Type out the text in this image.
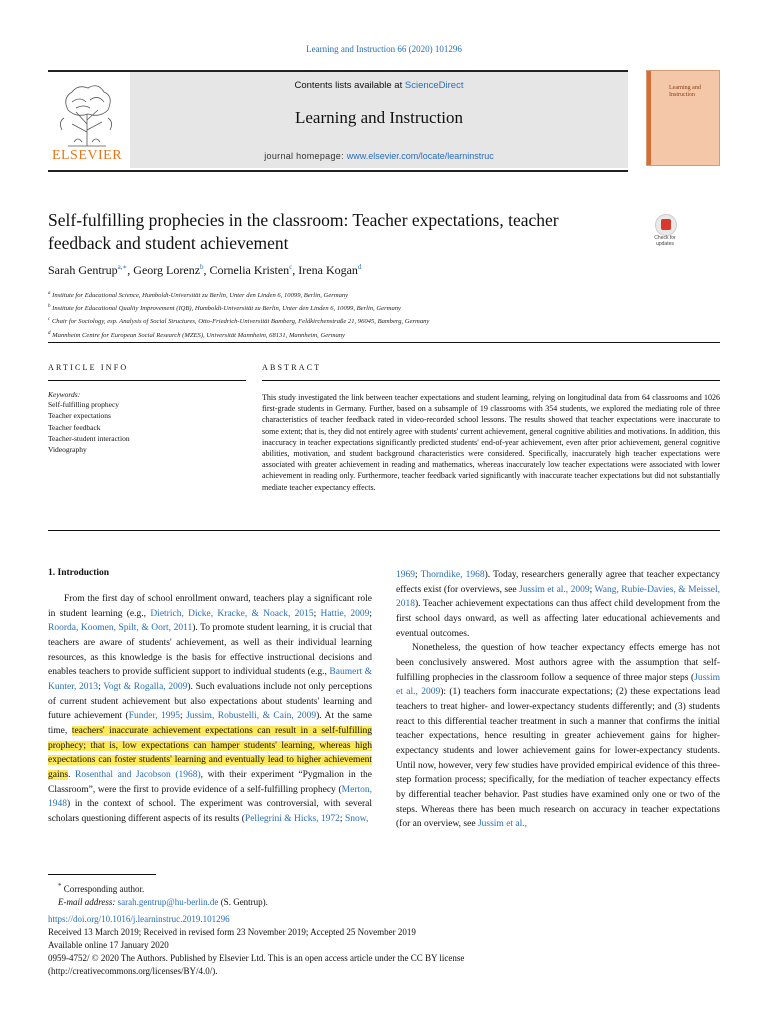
Learning and Instruction 66 (2020) 101296
ELSEVIER
Contents lists available at ScienceDirect
Learning and Instruction
journal homepage: www.elsevier.com/locate/learninstruc
Learning and
Instruction
Self-fulfilling prophecies in the classroom: Teacher expectations, teacher feedback and student achievement	Check for
updates
Sarah Gentrup$^{a,∗}$, Georg Lorenz$^b$, Cornelia Kristen$^c$, Irena Kogan$^d$
$^a$ Institute for Educational Science, Humboldt-Universität zu Berlin, Unter den Linden 6, 10099, Berlin, Germany
$^b$ Institute for Educational Quality Improvement (IQB), Humboldt-Universität zu Berlin, Unter den Linden 6, 10099, Berlin, Germany
$^c$ Chair for Sociology, esp. Analysis of Social Structures, Otto-Friedrich-Universität Bamberg, Feldkirchenstraße 21, 96045, Bamberg, Germany
$^d$ Mannheim Centre for European Social Research (MZES), Universität Mannheim, 68131, Mannheim, Germany
ARTICLE INFO	ABSTRACT
Keywords:
Self-fulfilling prophecy
Teacher expectations
Teacher feedback
Teacher-student interaction
Videography
This study investigated the link between teacher expectations and student learning, relying on longitudinal data from 64 classrooms and 1026 first-grade students in Germany. Further, based on a subsample of 19 classrooms with 354 students, we explored the mediating role of three characteristics of teacher feedback rated in video-recorded school lessons. The results showed that teacher expectations were inaccurate to some extent; that is, they did not entirely agree with students' current achievement, general cognitive abilities and motivations. In addition, this inaccuracy in teacher expectations significantly predicted students' end-of-year achievement, even after prior achievement, general cognitive abilities, motivation, and student background characteristics were considered. Specifically, inaccurately high teacher expectations were associated with greater achievement in reading and mathematics, whereas inaccurately low teacher expectations were associated with lower achievement in reading only. Furthermore, teacher feedback varied significantly with inaccurate teacher expectations but did not substantially mediate teacher expectancy effects.
1. Introduction
From the first day of school enrollment onward, teachers play a significant role in student learning (e.g., Dietrich, Dicke, Kracke, & Noack, 2015; Hattie, 2009; Roorda, Koomen, Spilt, & Oort, 2011). To promote student learning, it is crucial that teachers are aware of students' achievement, as well as their individual learning resources, as this knowledge is the basis for effective instructional decisions and enables teachers to provide sufficient support to individual students (e.g., Baumert & Kunter, 2013; Vogt & Rogalla, 2009). Such evaluations include not only perceptions of current student achievement but also expectations about students' learning and future achievement (Funder, 1995; Jussim, Robustelli, & Cain, 2009). At the same time, teachers' inaccurate achievement expectations can result in a self-fulfilling prophecy; that is, low expectations can hamper students' learning, whereas high expectations can foster students' learning and eventually lead to higher achievement gains. Rosenthal and Jacobson (1968), with their experiment “Pygmalion in the Classroom”, were the first to provide evidence of a self-fulfilling prophecy (Merton, 1948) in the context of school. The experiment was controversial, with several scholars questioning different aspects of its results (Pellegrini & Hicks, 1972; Snow,

1969; Thorndike, 1968). Today, researchers generally agree that teacher expectancy effects exist (for overviews, see Jussim et al., 2009; Wang, Rubie-Davies, & Meissel, 2018). Teacher achievement expectations can thus affect child development from the first school days onward, as well as affecting later educational achievements and eventual outcomes.

Nonetheless, the question of how teacher expectancy effects emerge has not been conclusively answered. Most authors agree with the assumption that self-fulfilling prophecies in the classroom follow a sequence of three major steps (Jussim et al., 2009): (1) teachers form inaccurate expectations; (2) these expectations lead teachers to treat higher- and lower-expectancy students differently; and (3) students react to this differential teacher treatment in such a manner that confirms the initial teacher expectations, hence resulting in greater achievement gains for higher-expectancy students and lower achievement gains for lower-expectancy students. Until now, however, very few studies have provided empirical evidence of this three-step formation process; specifically, for the mediation of teacher expectancy effects by differential teacher behavior. Past studies have examined only one or two of the steps. Whereas there has been much research on accuracy in teacher expectations (for an overview, see Jussim et al.,

* Corresponding author.
E-mail address: sarah.gentrup@hu-berlin.de (S. Gentrup).
https://doi.org/10.1016/j.learninstruc.2019.101296
Received 13 March 2019; Received in revised form 23 November 2019; Accepted 25 November 2019
Available online 17 January 2020
0959-4752/ © 2020 The Authors. Published by Elsevier Ltd. This is an open access article under the CC BY license
(http://creativecommons.org/licenses/BY/4.0/).
